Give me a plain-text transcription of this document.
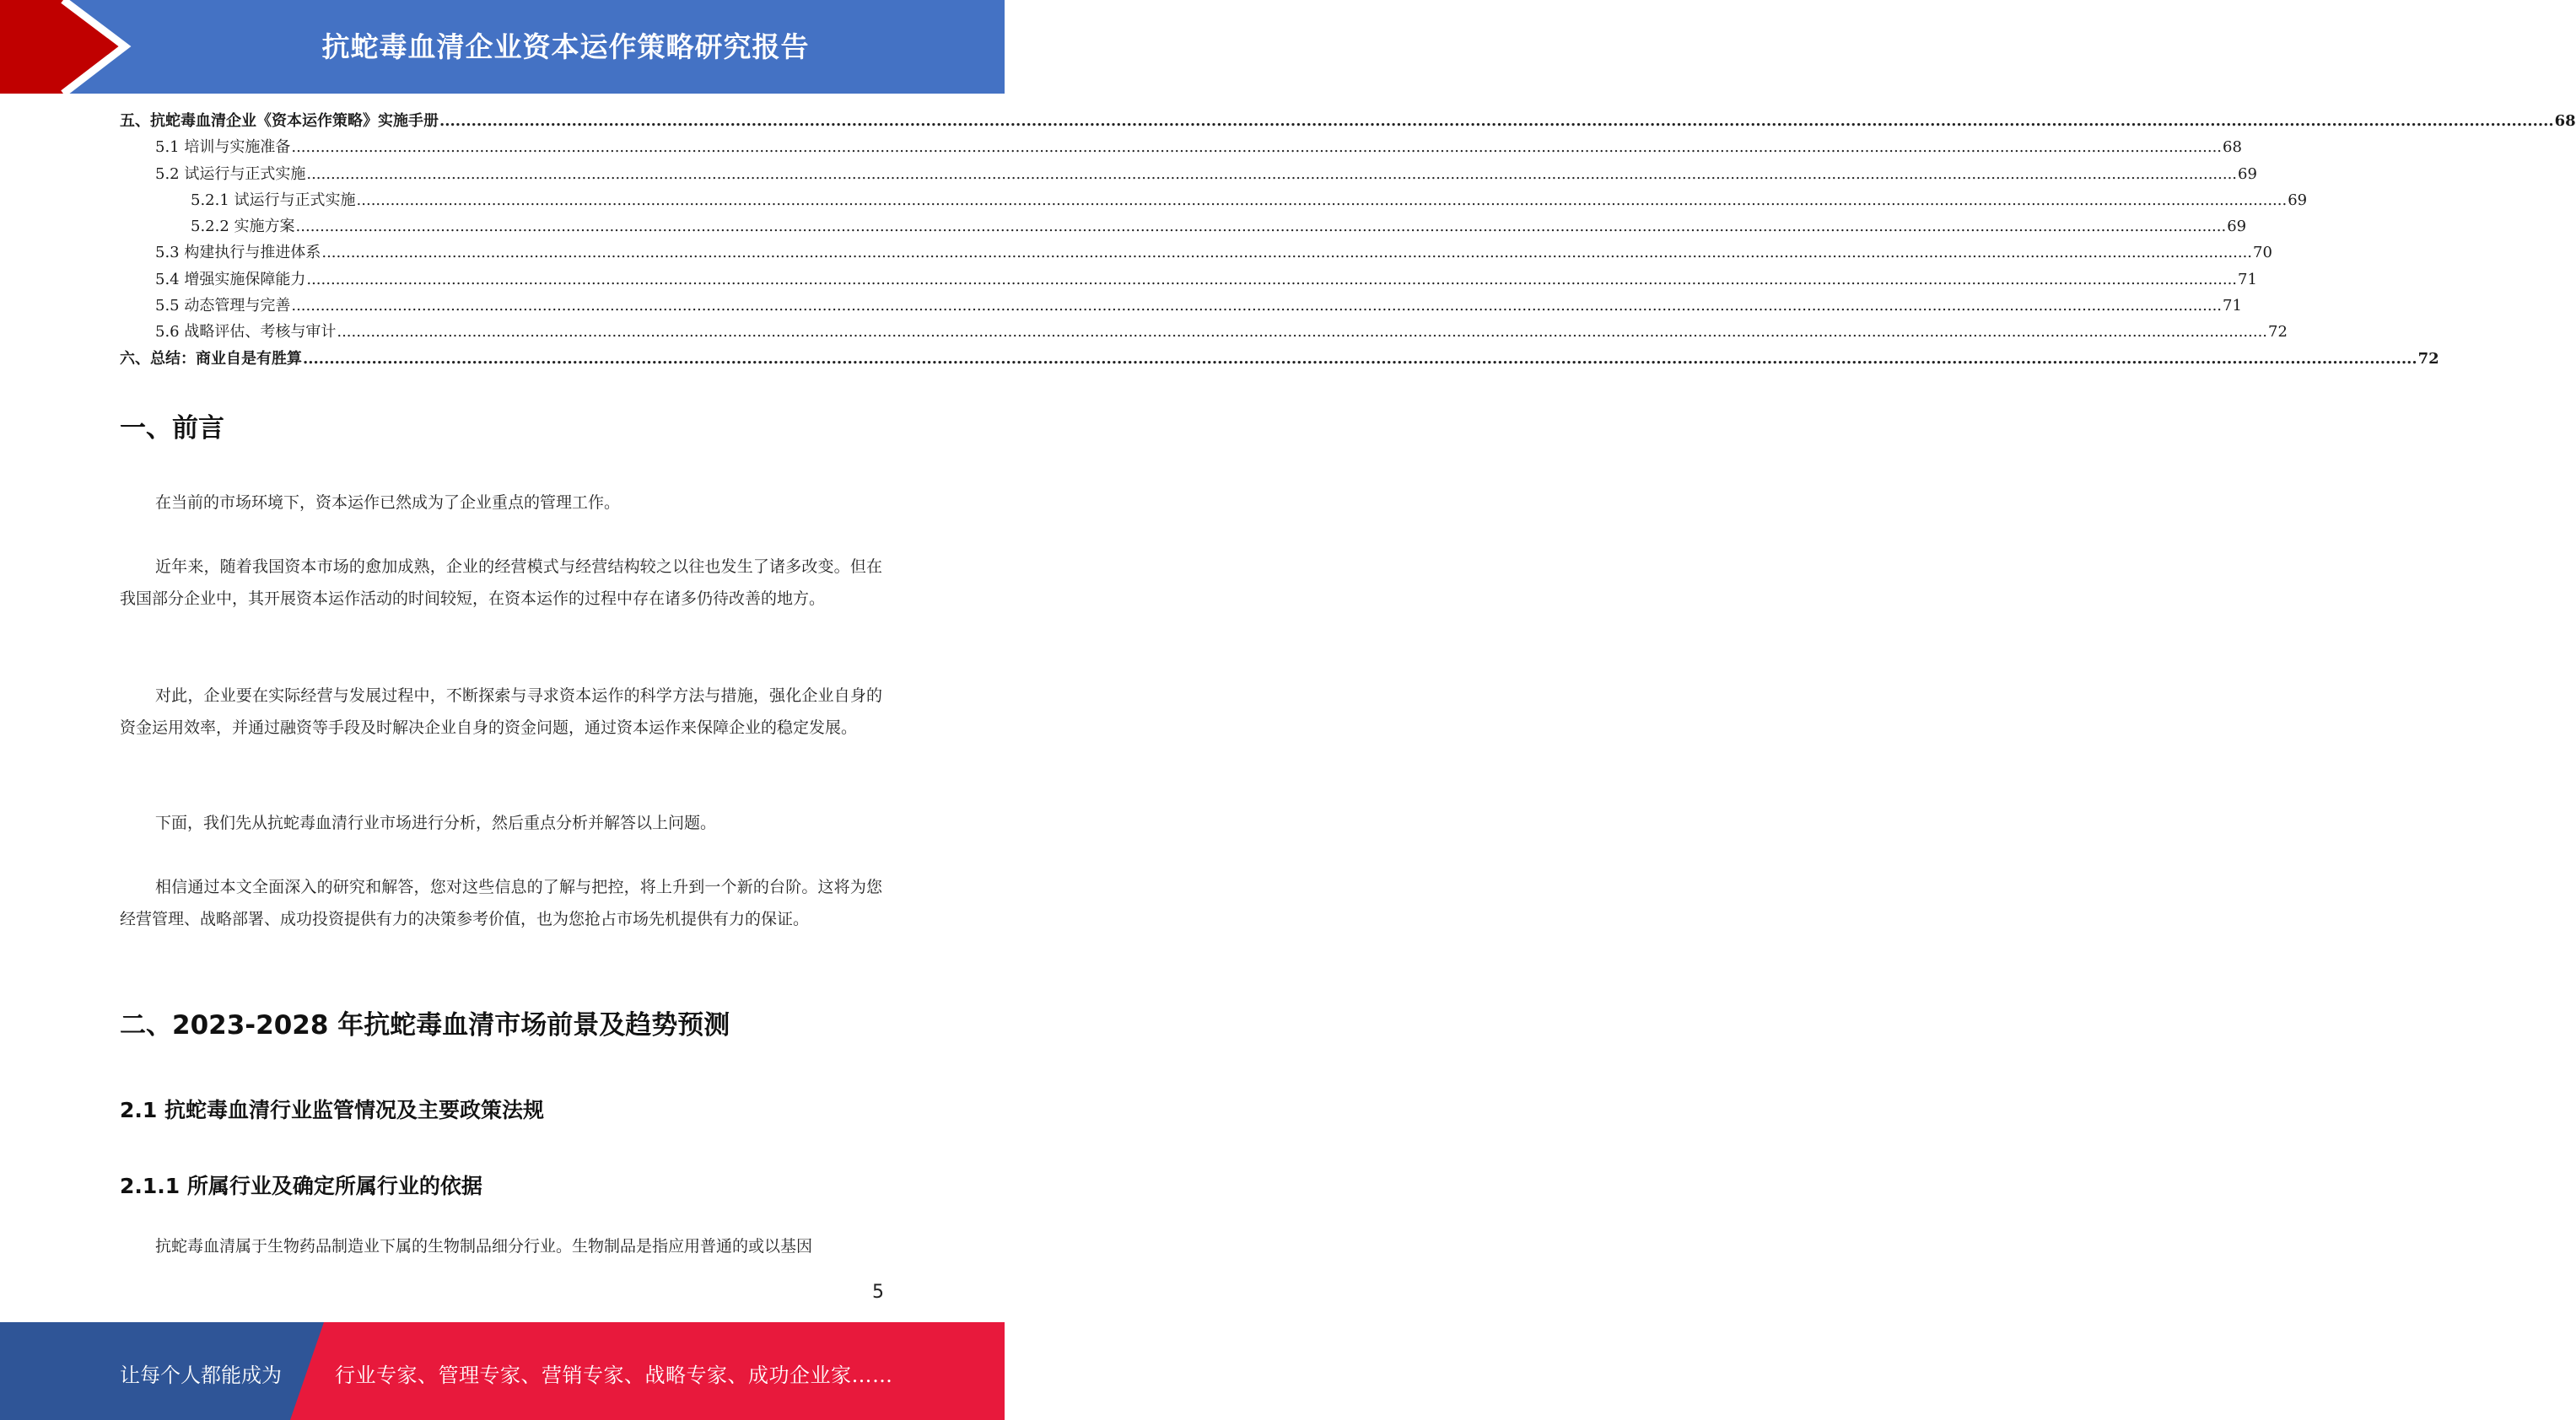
抗蛇毒血清企业资本运作策略研究报告
五、抗蛇毒血清企业《资本运作策略》实施手册 ................................................................................................................................................................................................................................................................................................................................................................................................................ 68
5.1 培训与实施准备 ................................................................................................................................................................................................................................................................................................................................................................................................................ 68
5.2 试运行与正式实施 ................................................................................................................................................................................................................................................................................................................................................................................................................ 69
5.2.1 试运行与正式实施 ................................................................................................................................................................................................................................................................................................................................................................................................................ 69
5.2.2 实施方案 ................................................................................................................................................................................................................................................................................................................................................................................................................ 69
5.3 构建执行与推进体系 ................................................................................................................................................................................................................................................................................................................................................................................................................ 70
5.4 增强实施保障能力 ................................................................................................................................................................................................................................................................................................................................................................................................................ 71
5.5 动态管理与完善 ................................................................................................................................................................................................................................................................................................................................................................................................................ 71
5.6 战略评估、考核与审计 ................................................................................................................................................................................................................................................................................................................................................................................................................ 72
六、总结：商业自是有胜算 ................................................................................................................................................................................................................................................................................................................................................................................................................ 72
一、前言

在当前的市场环境下，资本运作已然成为了企业重点的管理工作。

近年来，随着我国资本市场的愈加成熟，企业的经营模式与经营结构较之以往也发生了诸多改变。但在我国部分企业中，其开展资本运作活动的时间较短，在资本运作的过程中存在诸多仍待改善的地方。

对此，企业要在实际经营与发展过程中，不断探索与寻求资本运作的科学方法与措施，强化企业自身的资金运用效率，并通过融资等手段及时解决企业自身的资金问题，通过资本运作来保障企业的稳定发展。

下面，我们先从抗蛇毒血清行业市场进行分析，然后重点分析并解答以上问题。

相信通过本文全面深入的研究和解答，您对这些信息的了解与把控，将上升到一个新的台阶。这将为您经营管理、战略部署、成功投资提供有力的决策参考价值，也为您抢占市场先机提供有力的保证。

二、2023-2028 年抗蛇毒血清市场前景及趋势预测
2.1 抗蛇毒血清行业监管情况及主要政策法规
2.1.1 所属行业及确定所属行业的依据

抗蛇毒血清属于生物药品制造业下属的生物制品细分行业。生物制品是指应用普通的或以基因

5
让每个人都能成为	行业专家、管理专家、营销专家、战略专家、成功企业家……
